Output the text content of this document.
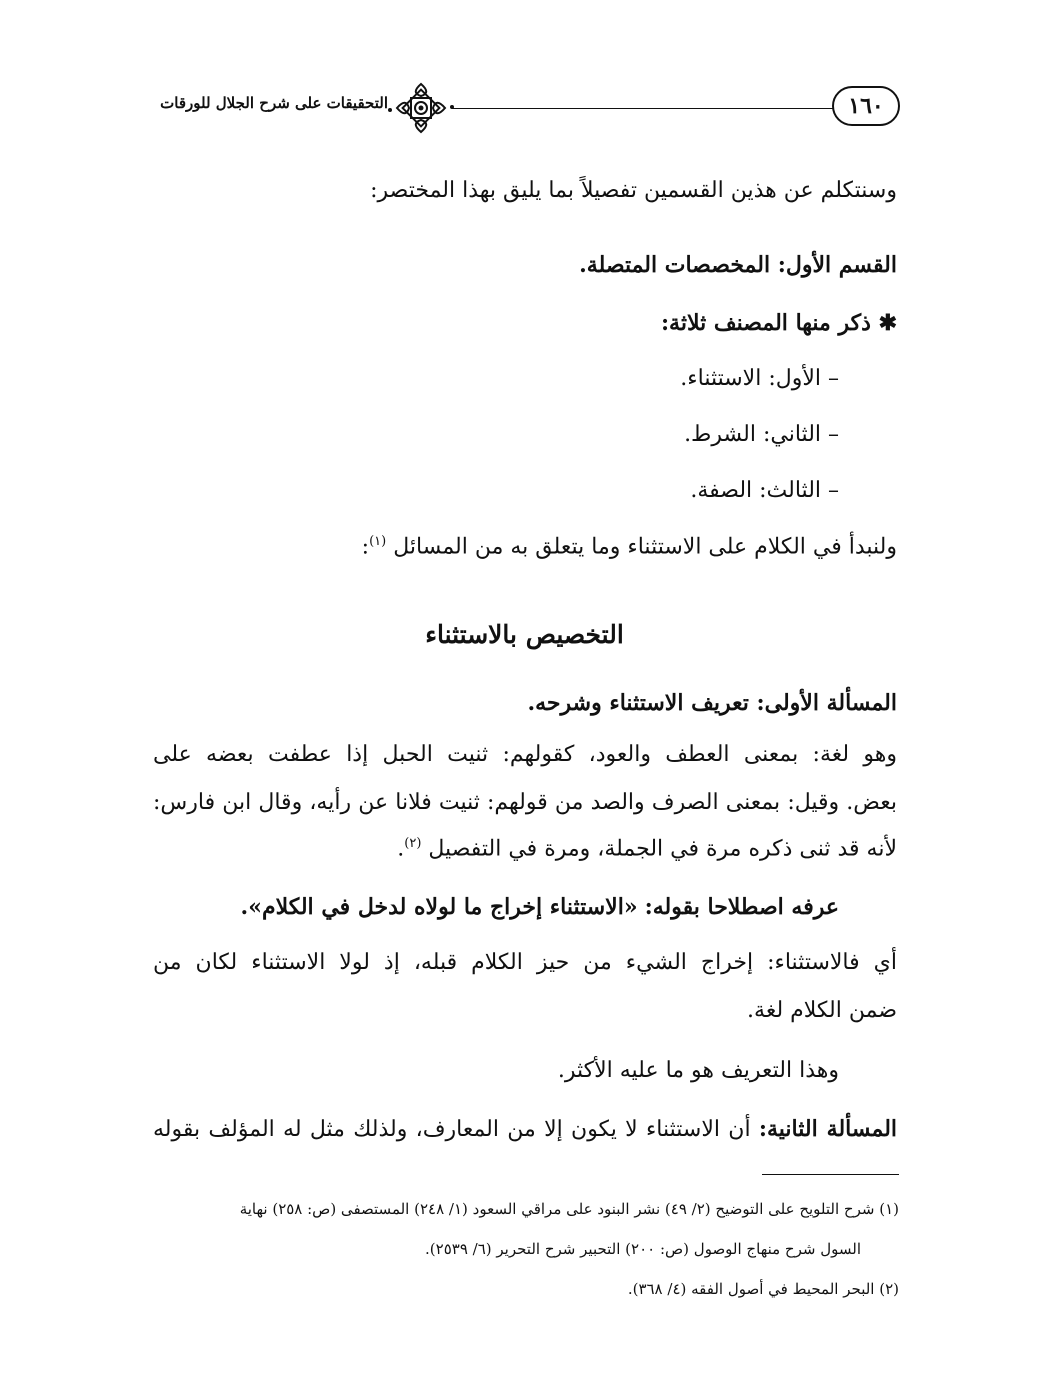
١٦٠
التحقيقات على شرح الجلال للورقات
وسنتكلم عن هذين القسمين تفصيلاً بما يليق بهذا المختصر:
القسم الأول: المخصصات المتصلة.
✱ ذكر منها المصنف ثلاثة:
– الأول: الاستثناء.
– الثاني: الشرط.
– الثالث: الصفة.
ولنبدأ في الكلام على الاستثناء وما يتعلق به من المسائل $^{(١)}$:
التخصيص بالاستثناء
المسألة الأولى: تعريف الاستثناء وشرحه.
وهو لغة: بمعنى العطف والعود، كقولهم: ثنيت الحبل إذا عطفت بعضه على
بعض. وقيل: بمعنى الصرف والصد من قولهم: ثنيت فلانا عن رأيه، وقال ابن فارس:
لأنه قد ثنى ذكره مرة في الجملة، ومرة في التفصيل $^{(٢)}$.
عرفه اصطلاحا بقوله: «الاستثناء إخراج ما لولاه لدخل في الكلام».
أي فالاستثناء: إخراج الشيء من حيز الكلام قبله، إذ لولا الاستثناء لكان من
ضمن الكلام لغة.
وهذا التعريف هو ما عليه الأكثر.
المسألة الثانية: أن الاستثناء لا يكون إلا من المعارف، ولذلك مثل له المؤلف بقوله
(١) شرح التلويح على التوضيح (٢/ ٤٩) نشر البنود على مراقي السعود (١/ ٢٤٨) المستصفى (ص: ٢٥٨) نهاية
السول شرح منهاج الوصول (ص: ٢٠٠) التحبير شرح التحرير (٦/ ٢٥٣٩).
(٢) البحر المحيط في أصول الفقه (٤/ ٣٦٨).
